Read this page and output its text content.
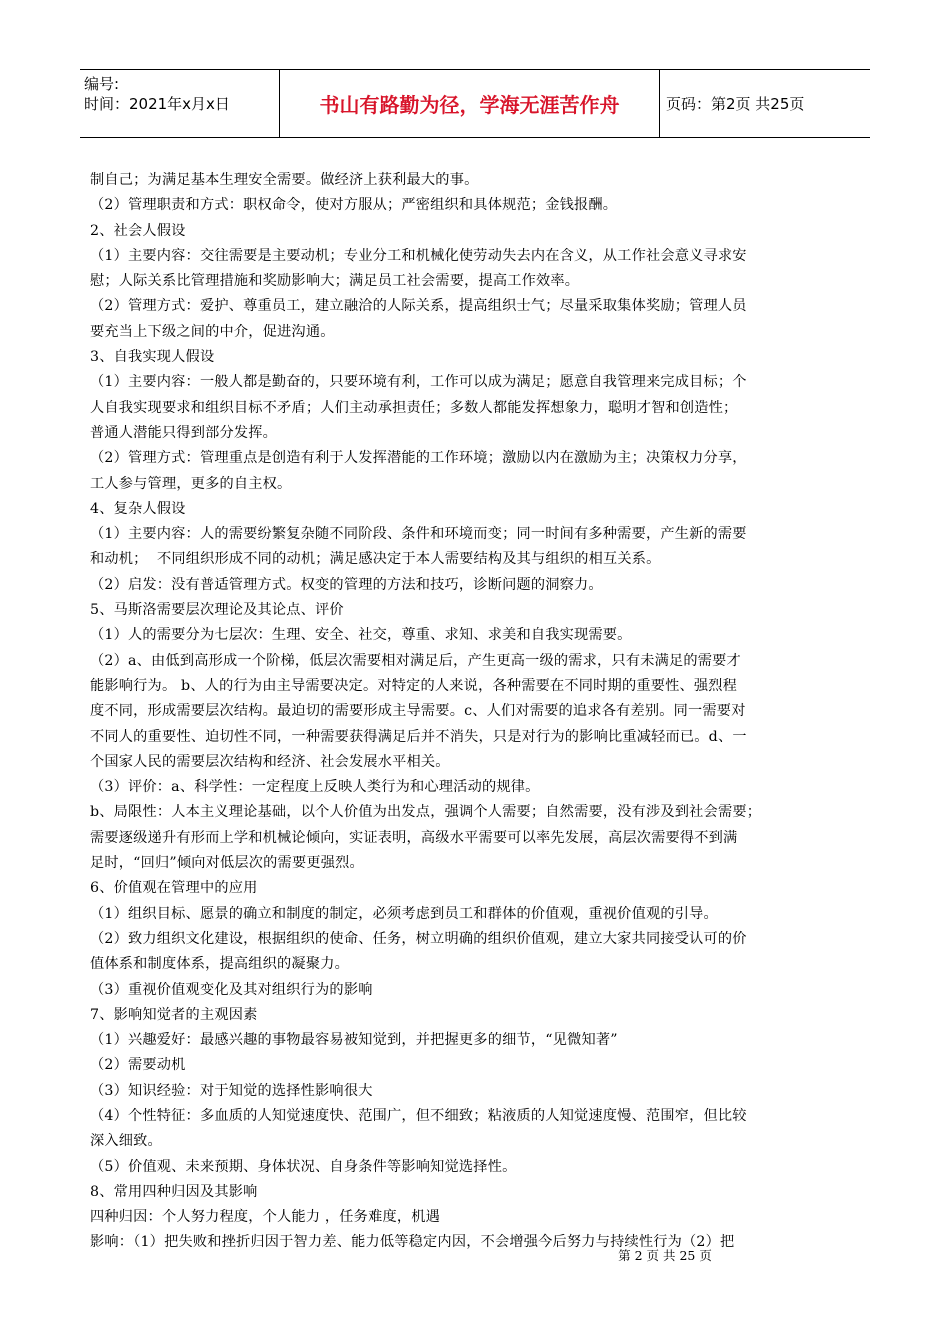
编号:
时间：2021年x月x日	书山有路勤为径，学海无涯苦作舟	页码：第2页 共25页
制自己；为满足基本生理安全需要。做经济上获利最大的事。
（2）管理职责和方式：职权命令，使对方服从；严密组织和具体规范；金钱报酬。
2、社会人假设
（1）主要内容：交往需要是主要动机；专业分工和机械化使劳动失去内在含义，从工作社会意义寻求安
慰；人际关系比管理措施和奖励影响大；满足员工社会需要，提高工作效率。
（2）管理方式：爱护、尊重员工，建立融洽的人际关系，提高组织士气；尽量采取集体奖励；管理人员
要充当上下级之间的中介，促进沟通。
3、自我实现人假设
（1）主要内容：一般人都是勤奋的，只要环境有利，工作可以成为满足；愿意自我管理来完成目标；个
人自我实现要求和组织目标不矛盾；人们主动承担责任；多数人都能发挥想象力，聪明才智和创造性；
普通人潜能只得到部分发挥。
（2）管理方式：管理重点是创造有利于人发挥潜能的工作环境；激励以内在激励为主；决策权力分享，
工人参与管理，更多的自主权。
4、复杂人假设
（1）主要内容：人的需要纷繁复杂随不同阶段、条件和环境而变；同一时间有多种需要，产生新的需要
和动机；  不同组织形成不同的动机；满足感决定于本人需要结构及其与组织的相互关系。
（2）启发：没有普适管理方式。权变的管理的方法和技巧，诊断问题的洞察力。
5、马斯洛需要层次理论及其论点、评价
（1）人的需要分为七层次：生理、安全、社交，尊重、求知、求美和自我实现需要。
（2）a、由低到高形成一个阶梯，低层次需要相对满足后，产生更高一级的需求，只有未满足的需要才
能影响行为。 b、人的行为由主导需要决定。对特定的人来说，各种需要在不同时期的重要性、强烈程
度不同，形成需要层次结构。最迫切的需要形成主导需要。c、人们对需要的追求各有差别。同一需要对
不同人的重要性、迫切性不同，一种需要获得满足后并不消失，只是对行为的影响比重减轻而已。d、一
个国家人民的需要层次结构和经济、社会发展水平相关。
（3）评价：a、科学性：一定程度上反映人类行为和心理活动的规律。
b、局限性：人本主义理论基础，以个人价值为出发点，强调个人需要；自然需要，没有涉及到社会需要；
需要逐级递升有形而上学和机械论倾向，实证表明，高级水平需要可以率先发展，高层次需要得不到满
足时，“回归”倾向对低层次的需要更强烈。
6、价值观在管理中的应用
（1）组织目标、愿景的确立和制度的制定，必须考虑到员工和群体的价值观，重视价值观的引导。
（2）致力组织文化建设，根据组织的使命、任务，树立明确的组织价值观，建立大家共同接受认可的价
值体系和制度体系，提高组织的凝聚力。
（3）重视价值观变化及其对组织行为的影响
7、影响知觉者的主观因素
（1）兴趣爱好：最感兴趣的事物最容易被知觉到，并把握更多的细节，“见微知著”
（2）需要动机
（3）知识经验：对于知觉的选择性影响很大
（4）个性特征：多血质的人知觉速度快、范围广，但不细致；粘液质的人知觉速度慢、范围窄，但比较
深入细致。
（5）价值观、未来预期、身体状况、自身条件等影响知觉选择性。
8、常用四种归因及其影响
四种归因：个人努力程度，个人能力 ，任务难度，机遇
影响：（1）把失败和挫折归因于智力差、能力低等稳定内因，不会增强今后努力与持续性行为（2）把
第 2 页 共 25 页
